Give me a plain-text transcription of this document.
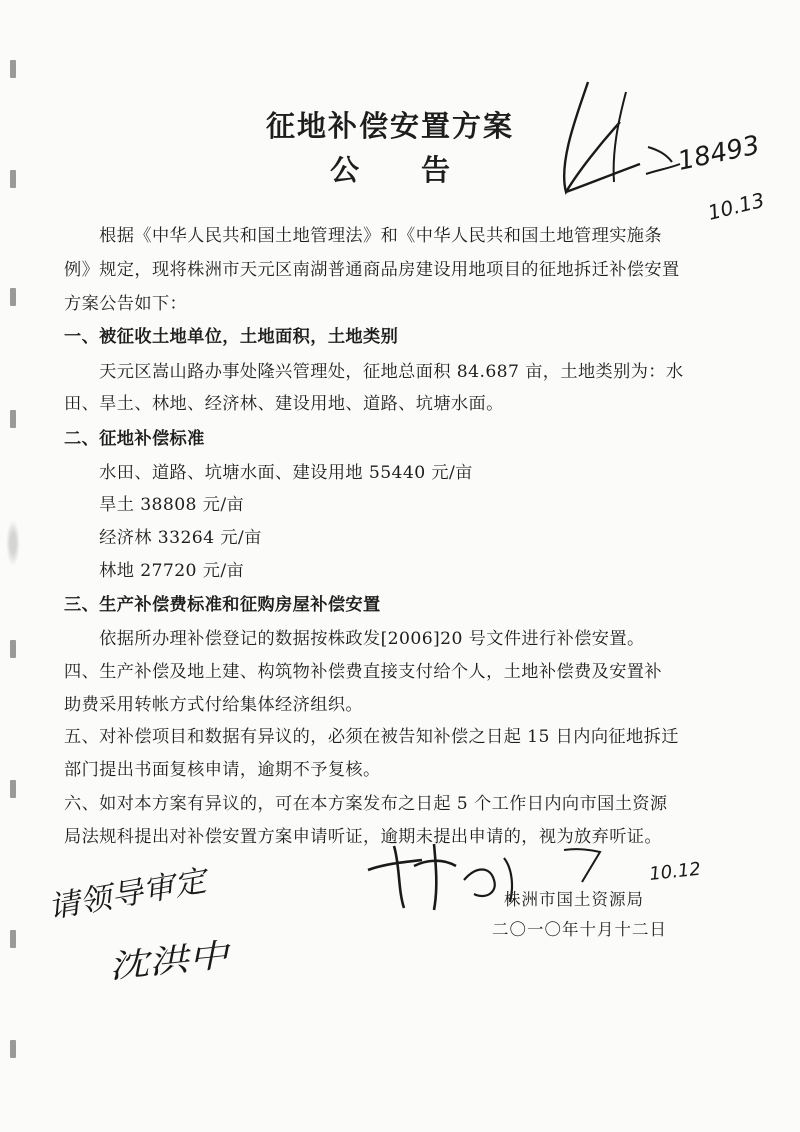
征地补偿安置方案
公告	18493
10.13
　　根据《中华人民共和国土地管理法》和《中华人民共和国土地管理实施条
例》规定，现将株洲市天元区南湖普通商品房建设用地项目的征地拆迁补偿安置
方案公告如下：
一、被征收土地单位，土地面积，土地类别
　　天元区嵩山路办事处隆兴管理处，征地总面积 84.687 亩，土地类别为：水
田、旱土、林地、经济林、建设用地、道路、坑塘水面。
二、征地补偿标准
　　水田、道路、坑塘水面、建设用地 55440 元/亩
　　旱土 38808 元/亩
　　经济林 33264 元/亩
　　林地 27720 元/亩
三、生产补偿费标准和征购房屋补偿安置
　　依据所办理补偿登记的数据按株政发[2006]20 号文件进行补偿安置。
四、生产补偿及地上建、构筑物补偿费直接支付给个人，土地补偿费及安置补
助费采用转帐方式付给集体经济组织。
五、对补偿项目和数据有异议的，必须在被告知补偿之日起 15 日内向征地拆迁
部门提出书面复核申请，逾期不予复核。
六、如对本方案有异议的，可在本方案发布之日起 5 个工作日内向市国土资源
局法规科提出对补偿安置方案申请听证，逾期未提出申请的，视为放弃听证。
10.12
株洲市国土资源局
二〇一〇年十月十二日
请领导审定
沈洪中
